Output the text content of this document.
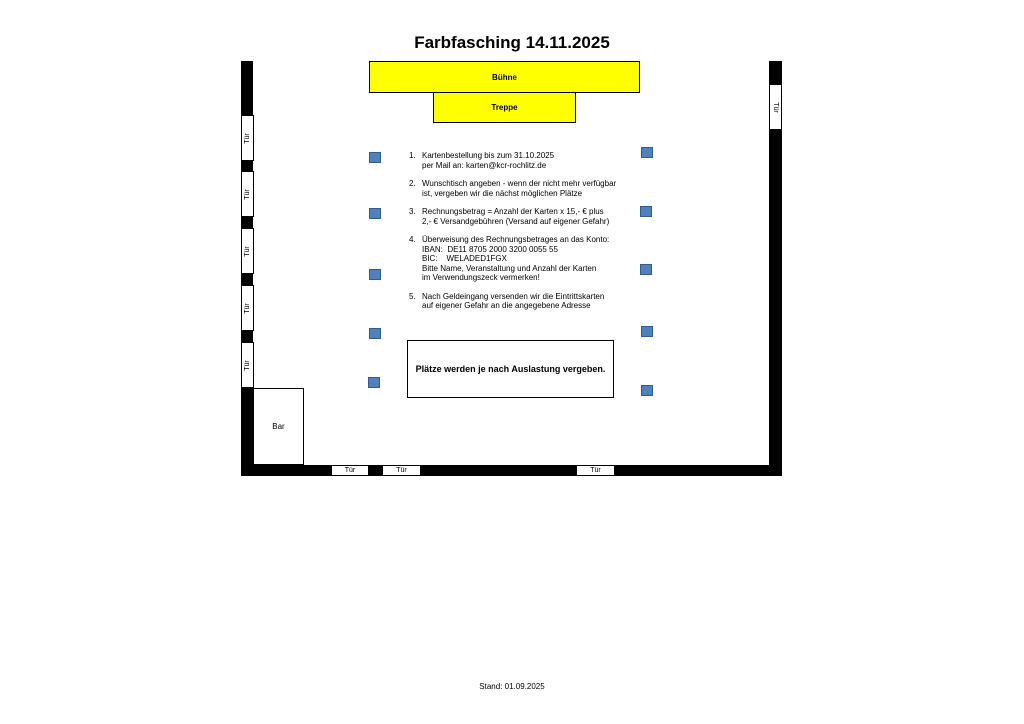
Farbfasching 14.11.2025
Bühne
Treppe
Tür
Tür
Tür
Tür
Tür
Tür
Tür	Tür	Tür
Bar
1. Kartenbestellung bis zum 31.10.2025
per Mail an: karten@kcr-rochlitz.de
2. Wunschtisch angeben - wenn der nicht mehr verfügbar
ist, vergeben wir die nächst möglichen Plätze
3. Rechnungsbetrag = Anzahl der Karten x 15,- € plus
2,- € Versandgebühren (Versand auf eigener Gefahr)
4. Überweisung des Rechnungsbetrages an das Konto:
IBAN:  DE11 8705 2000 3200 0055 55
BIC:    WELADED1FGX
Bitte Name, Veranstaltung und Anzahl der Karten
im Verwendungszeck vermerken!
5. Nach Geldeingang versenden wir die Eintrittskarten
auf eigener Gefahr an die angegebene Adresse
Plätze werden je nach Auslastung vergeben.
Stand: 01.09.2025
